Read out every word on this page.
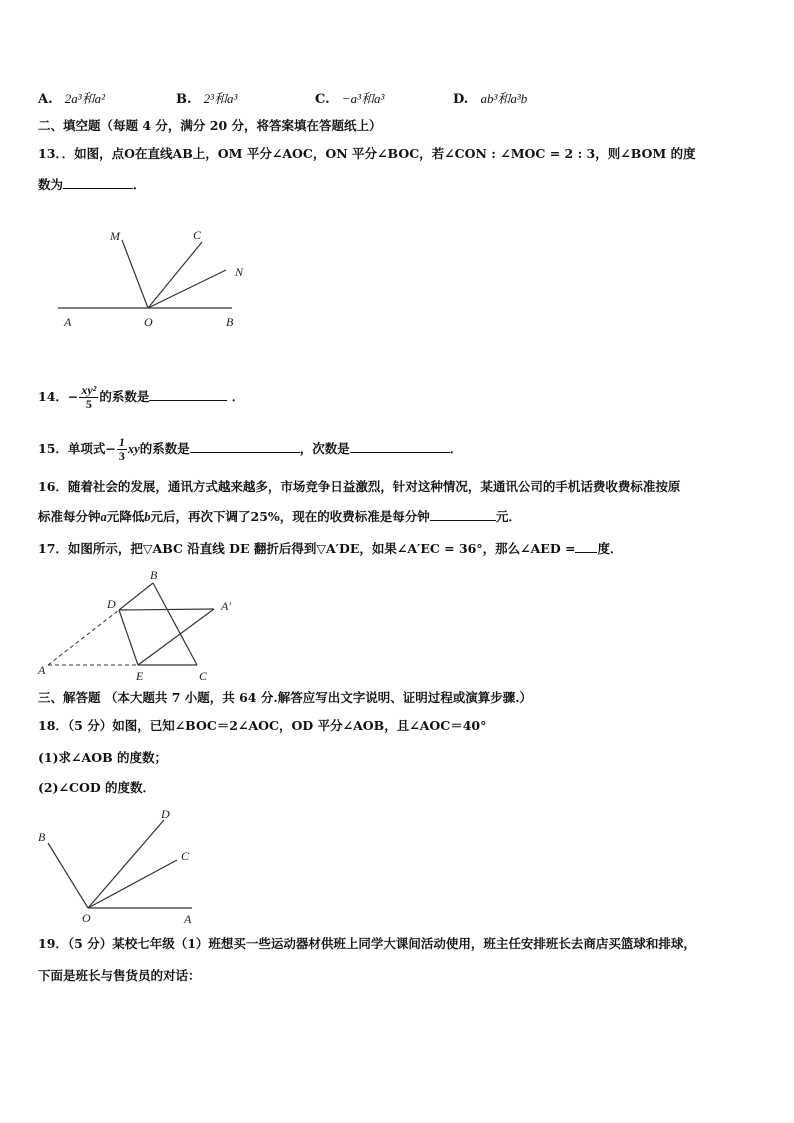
A. 2a³和a²	B. 2³和a³	C. −a³和a³	D. ab³和a³b
二、填空题（每题 4 分，满分 20 分，将答案填在答题纸上）
13．．如图，点O在直线AB上，OM 平分∠AOC，ON 平分∠BOC，若∠CON : ∠MOC = 2 : 3，则∠BOM 的度
数为	．
M	C
N
A	O	B
14．− $\frac{\text{xy²}}{5}$ 的系数是	．
15．单项式− $\frac{1}{3}$ xy的系数是	，次数是	．
16．随着社会的发展，通讯方式越来越多，市场竞争日益激烈，针对这种情况，某通讯公司的手机话费收费标准按原
标准每分钟a元降低b元后，再次下调了25%，现在的收费标准是每分钟	元．
17．如图所示，把▽ABC 沿直线 DE 翻折后得到▽A′DE，如果∠A′EC = 36°，那么∠AED = 度．
B
D	A′
A	E	C
三、解答题 （本大题共 7 小题，共 64 分.解答应写出文字说明、证明过程或演算步骤.）
18．（5 分）如图，已知∠BOC＝2∠AOC，OD 平分∠AOB，且∠AOC＝40°
(1)求∠AOB 的度数；
(2)∠COD 的度数．
D
B
C
O	A
19．（5 分）某校七年级（1）班想买一些运动器材供班上同学大课间活动使用，班主任安排班长去商店买篮球和排球，
下面是班长与售货员的对话：
